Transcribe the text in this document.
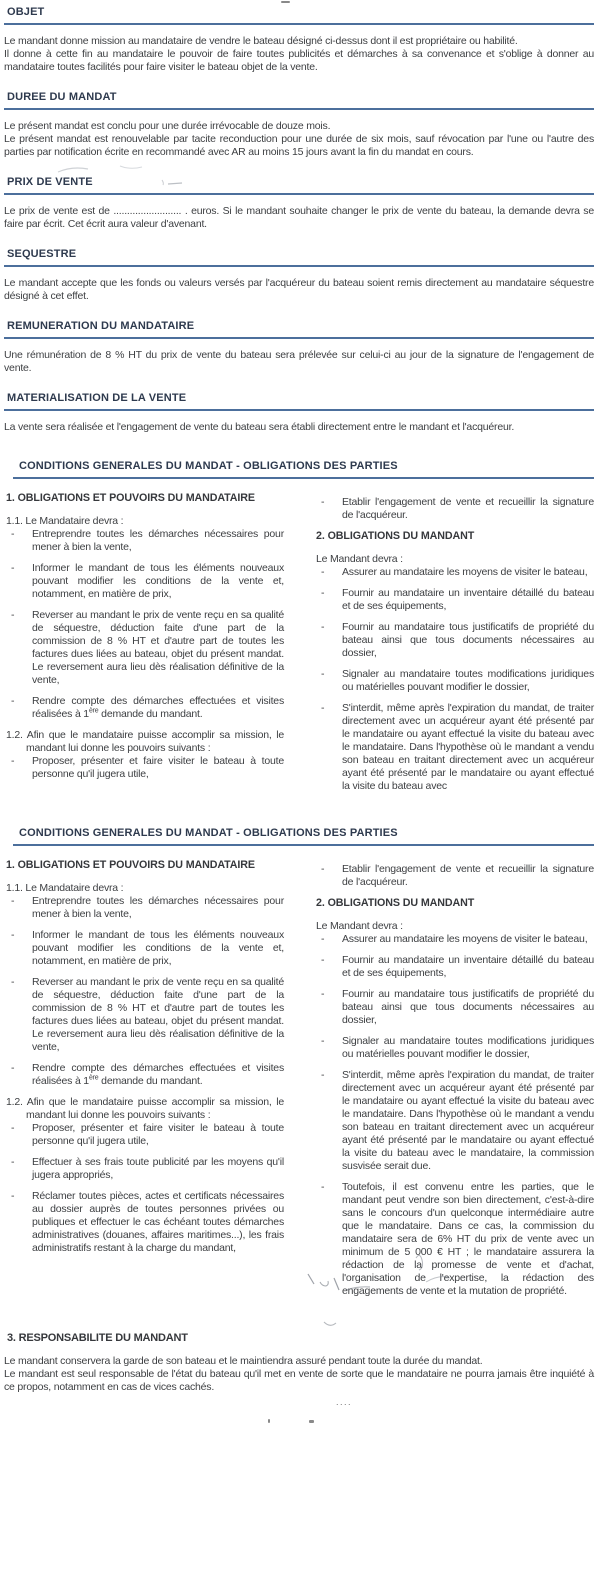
OBJET

Le mandant donne mission au mandataire de vendre le bateau désigné ci-dessus dont il est propriétaire ou habilité.

Il donne à cette fin au mandataire le pouvoir de faire toutes publicités et démarches à sa convenance et s'oblige à donner au mandataire toutes facilités pour faire visiter le bateau objet de la vente.

DUREE DU MANDAT

Le présent mandat est conclu pour une durée irrévocable de douze mois.

Le présent mandat est renouvelable par tacite reconduction pour une durée de six mois, sauf révocation par l'une ou l'autre des parties par notification écrite en recommandé avec AR au moins 15 jours avant la fin du mandat en cours.

PRIX DE VENTE

Le prix de vente est de ......................... . euros. Si le mandant souhaite changer le prix de vente du bateau, la demande devra se faire par écrit. Cet écrit aura valeur d'avenant.

SEQUESTRE

Le mandant accepte que les fonds ou valeurs versés par l'acquéreur du bateau soient remis directement au mandataire séquestre désigné à cet effet.

REMUNERATION DU MANDATAIRE

Une rémunération de 8 % HT du prix de vente du bateau sera prélevée sur celui-ci au jour de la signature de l'engagement de vente.

MATERIALISATION DE LA VENTE

La vente sera réalisée et l'engagement de vente du bateau sera établi directement entre le mandant et l'acquéreur.

CONDITIONS GENERALES DU MANDAT - OBLIGATIONS DES PARTIES
1. OBLIGATIONS ET POUVOIRS DU MANDATAIRE

1.1. Le Mandataire devra :

- Entreprendre toutes les démarches nécessaires pour mener à bien la vente,
- Informer le mandant de tous les éléments nouveaux pouvant modifier les conditions de la vente et, notamment, en matière de prix,
- Reverser au mandant le prix de vente reçu en sa qualité de séquestre, déduction faite d'une part de la commission de 8 % HT et d'autre part de toutes les factures dues liées au bateau, objet du présent mandat. Le reversement aura lieu dès réalisation définitive de la vente,
- Rendre compte des démarches effectuées et visites réalisées à 1ère demande du mandant.

1.2. Afin que le mandataire puisse accomplir sa mission, le mandant lui donne les pouvoirs suivants :

- Proposer, présenter et faire visiter le bateau à toute personne qu'il jugera utile,
- Etablir l'engagement de vente et recueillir la signature de l'acquéreur.
2. OBLIGATIONS DU MANDANT

Le Mandant devra :

- Assurer au mandataire les moyens de visiter le bateau,
- Fournir au mandataire un inventaire détaillé du bateau et de ses équipements,
- Fournir au mandataire tous justificatifs de propriété du bateau ainsi que tous documents nécessaires au dossier,
- Signaler au mandataire toutes modifications juridiques ou matérielles pouvant modifier le dossier,
- S'interdit, même après l'expiration du mandat, de traiter directement avec un acquéreur ayant été présenté par le mandataire ou ayant effectué la visite du bateau avec le mandataire. Dans l'hypothèse où le mandant a vendu son bateau en traitant directement avec un acquéreur ayant été présenté par le mandataire ou ayant effectué la visite du bateau avec
CONDITIONS GENERALES DU MANDAT - OBLIGATIONS DES PARTIES
1. OBLIGATIONS ET POUVOIRS DU MANDATAIRE

1.1. Le Mandataire devra :

- Entreprendre toutes les démarches nécessaires pour mener à bien la vente,
- Informer le mandant de tous les éléments nouveaux pouvant modifier les conditions de la vente et, notamment, en matière de prix,
- Reverser au mandant le prix de vente reçu en sa qualité de séquestre, déduction faite d'une part de la commission de 8 % HT et d'autre part de toutes les factures dues liées au bateau, objet du présent mandat. Le reversement aura lieu dès réalisation définitive de la vente,
- Rendre compte des démarches effectuées et visites réalisées à 1ère demande du mandant.

1.2. Afin que le mandataire puisse accomplir sa mission, le mandant lui donne les pouvoirs suivants :

- Proposer, présenter et faire visiter le bateau à toute personne qu'il jugera utile,
- Effectuer à ses frais toute publicité par les moyens qu'il jugera appropriés,
- Réclamer toutes pièces, actes et certificats nécessaires au dossier auprès de toutes personnes privées ou publiques et effectuer le cas échéant toutes démarches administratives (douanes, affaires maritimes...), les frais administratifs restant à la charge du mandant,
- Etablir l'engagement de vente et recueillir la signature de l'acquéreur.
2. OBLIGATIONS DU MANDANT

Le Mandant devra :

- Assurer au mandataire les moyens de visiter le bateau,
- Fournir au mandataire un inventaire détaillé du bateau et de ses équipements,
- Fournir au mandataire tous justificatifs de propriété du bateau ainsi que tous documents nécessaires au dossier,
- Signaler au mandataire toutes modifications juridiques ou matérielles pouvant modifier le dossier,
- S'interdit, même après l'expiration du mandat, de traiter directement avec un acquéreur ayant été présenté par le mandataire ou ayant effectué la visite du bateau avec le mandataire. Dans l'hypothèse où le mandant a vendu son bateau en traitant directement avec un acquéreur ayant été présenté par le mandataire ou ayant effectué la visite du bateau avec le mandataire, la commission susvisée serait due.
- Toutefois, il est convenu entre les parties, que le mandant peut vendre son bien directement, c'est-à-dire sans le concours d'un quelconque intermédiaire autre que le mandataire. Dans ce cas, la commission du mandataire sera de 6% HT du prix de vente avec un minimum de 5 000 € HT ; le mandataire assurera la rédaction de la promesse de vente et d'achat, l'organisation de l'expertise, la rédaction des engagements de vente et la mutation de propriété.
3. RESPONSABILITE DU MANDANT

Le mandant conservera la garde de son bateau et le maintiendra assuré pendant toute la durée du mandat.

Le mandant est seul responsable de l'état du bateau qu'il met en vente de sorte que le mandataire ne pourra jamais être inquiété à ce propos, notamment en cas de vices cachés.

....
